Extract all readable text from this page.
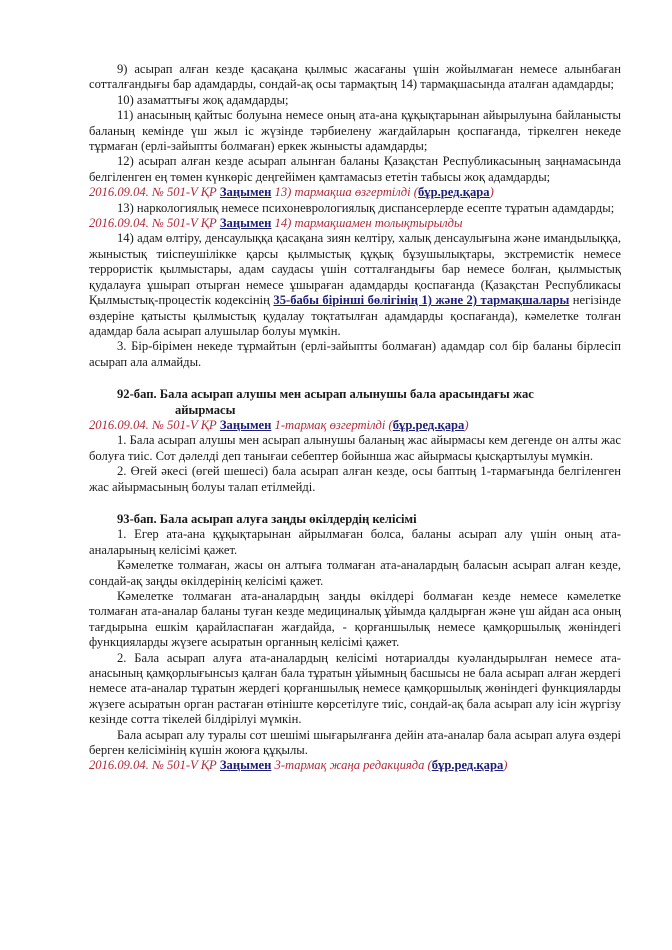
9) асырап алған кезде қасақана қылмыс жасағаны үшін жойылмаған немесе алынбаған сотталғандығы бар адамдарды, сондай-ақ осы тармақтың 14) тармақшасында аталған адамдарды;

10) азаматтығы жоқ адамдарды;

11) анасының қайтыс болуына немесе оның ата-ана құқықтарынан айырылуына байланысты баланың кемінде үш жыл іс жүзінде тәрбиелену жағдайларын қоспағанда, тіркелген некеде тұрмаған (ерлі-зайыпты болмаған) еркек жынысты адамдарды;

12) асырап алған кезде асырап алынған баланы Қазақстан Республикасының заңнамасында белгіленген ең төмен күнкөріс деңгейімен қамтамасыз ететін табысы жоқ адамдарды;

2016.09.04. № 501-V ҚР Заңымен 13) тармақша өзгертілді (бұр.ред.қара)

13) наркологиялық немесе психоневрологиялық диспансерлерде есепте тұратын адамдарды;

2016.09.04. № 501-V ҚР Заңымен 14) тармақшамен толықтырылды

14) адам өлтіру, денсаулыққа қасақана зиян келтіру, халық денсаулығына және имандылыққа, жыныстық тиіспеушілікке қарсы қылмыстық құқық бұзушылықтары, экстремистік немесе террористік қылмыстары, адам саудасы үшін сотталғандығы бар немесе болған, қылмыстық қудалауға ұшырап отырған немесе ұшыраған адамдарды қоспағанда (Қазақстан Республикасы Қылмыстық-процестік кодексінің 35-бабы бірінші бөлігінің 1) және 2) тармақшалары негізінде өздеріне қатысты қылмыстық қудалау тоқтатылған адамдарды қоспағанда), кәмелетке толған адамдар бала асырап алушылар болуы мүмкін.

3. Бір-бірімен некеде тұрмайтын (ерлі-зайыпты болмаған) адамдар сол бір баланы бірлесіп асырап ала алмайды.

92-бап. Бала асырап алушы мен асырап алынушы бала арасындағы жас
айырмасы

2016.09.04. № 501-V ҚР Заңымен 1-тармақ өзгертілді (бұр.ред.қара)

1. Бала асырап алушы мен асырап алынушы баланың жас айырмасы кем дегенде он алты жас болуға тиіс. Сот дәлелді деп танығаи себептер бойынша жас айырмасы қысқартылуы мүмкін.

2. Өгей әкесі (өгей шешесі) бала асырап алған кезде, осы баптың 1-тармағында белгіленген жас айырмасының болуы талап етілмейді.

93-бап. Бала асырап алуға заңды өкілдердің келісімі

1. Егер ата-ана құқықтарынан айрылмаған болса, баланы асырап алу үшін оның ата-аналарының келісімі қажет.

Кәмелетке толмаған, жасы он алтыға толмаған ата-аналардың баласын асырап алған кезде, сондай-ақ заңды өкілдерінің келісімі қажет.

Кәмелетке толмаған ата-аналардың заңды өкілдері болмаған кезде немесе кәмелетке толмаған ата-аналар баланы туған кезде медициналық ұйымда қалдырған және үш айдан аса оның тағдырына ешкім қарайласпаған жағдайда, - қорғаншылық немесе қамқоршылық жөніндегі функцияларды жүзеге асыратын органның келісімі қажет.

2. Бала асырап алуға ата-аналардың келісімі нотариалды куәландырылған немесе ата-анасының қамқорлығынсыз қалған бала тұратын ұйымның басшысы не бала асырап алған жердегі немесе ата-аналар тұратын жердегі қорғаншылық немесе қамқоршылық жөніндегі функцияларды жүзеге асыратын орган растаған өтініште көрсетілуге тиіс, сондай-ақ бала асырап алу ісін жүргізу кезінде сотта тікелей білдірілуі мүмкін.

Бала асырап алу туралы сот шешімі шығарылғанға дейін ата-аналар бала асырап алуға өздері берген келісімінің күшін жоюға құқылы.

2016.09.04. № 501-V ҚР Заңымен 3-тармақ жаңа редакцияда (бұр.ред.қара)
